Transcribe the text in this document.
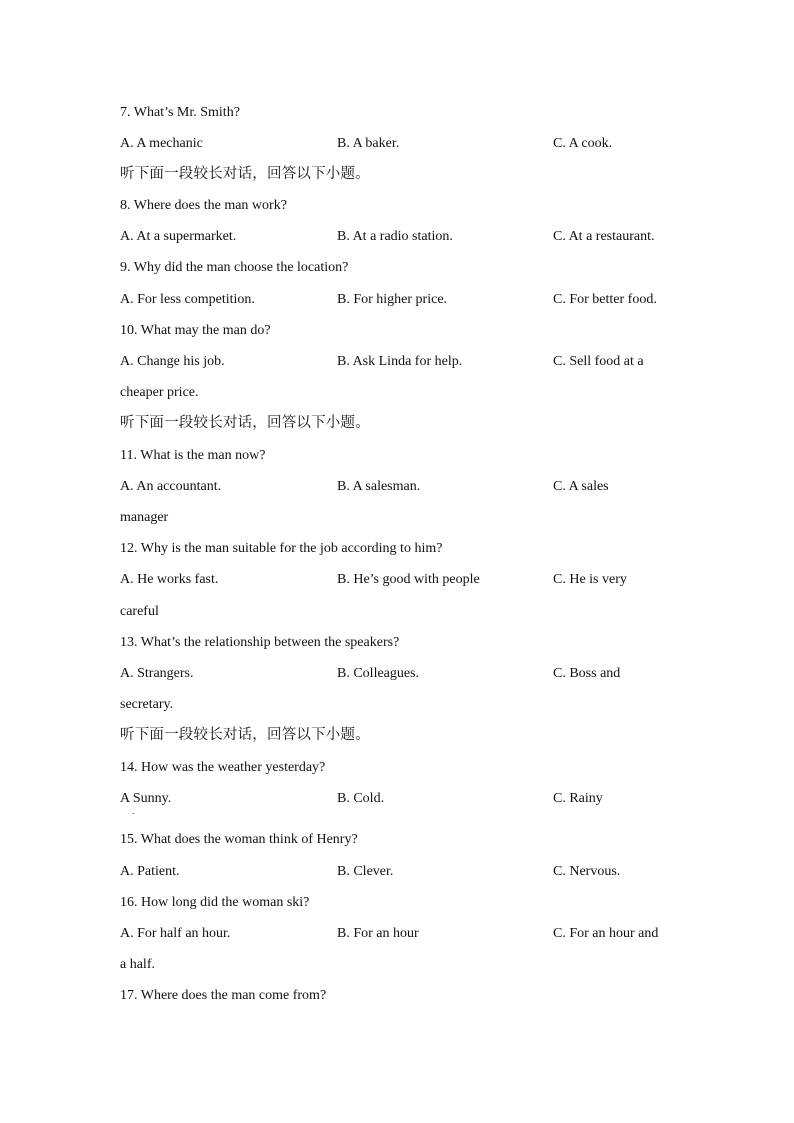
7. What’s Mr. Smith?
A. A mechanic	B. A baker.	C. A cook.
听下面一段较长对话，回答以下小题。
8. Where does the man work?
A. At a supermarket.	B. At a radio station.	C. At a restaurant.
9. Why did the man choose the location?
A. For less competition.	B. For higher price.	C. For better food.
10. What may the man do?
A. Change his job.	B. Ask Linda for help.	C. Sell food at a
cheaper price.
听下面一段较长对话，回答以下小题。
11. What is the man now?
A. An accountant.	B. A salesman.	C. A sales
manager
12. Why is the man suitable for the job according to him?
A. He works fast.	B. He’s good with people	C. He is very
careful
13. What’s the relationship between the speakers?
A. Strangers.	B. Colleagues.	C. Boss and
secretary.
听下面一段较长对话，回答以下小题。
14. How was the weather yesterday?
A Sunny.
.
B. Cold.	C. Rainy
15. What does the woman think of Henry?
A. Patient.	B. Clever.	C. Nervous.
16. How long did the woman ski?
A. For half an hour.	B. For an hour	C. For an hour and
a half.
17. Where does the man come from?
